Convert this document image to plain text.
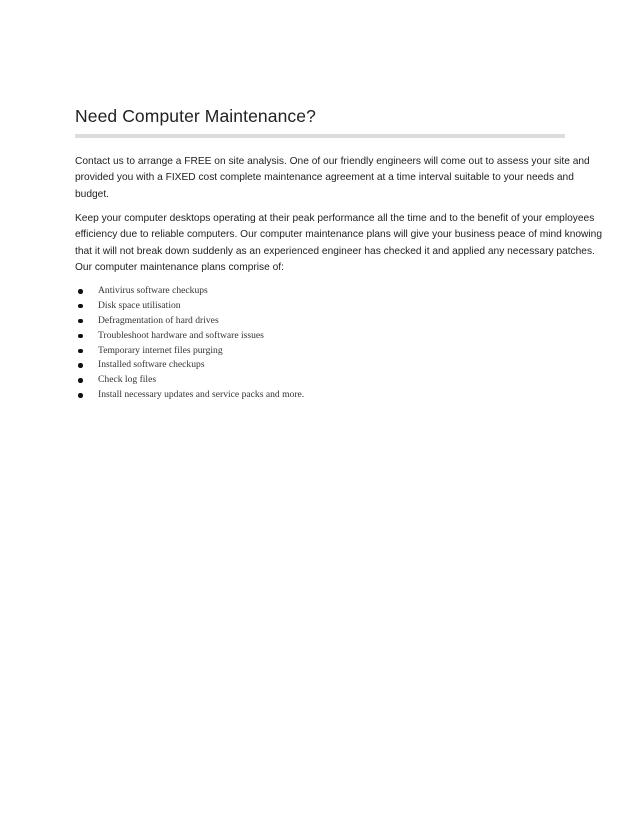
Need Computer Maintenance?

Contact us to arrange a FREE on site analysis. One of our friendly engineers will come out to assess your site and
provided you with a FIXED cost complete maintenance agreement at a time interval suitable to your needs and
budget.

Keep your computer desktops operating at their peak performance all the time and to the benefit of your employees
efficiency due to reliable computers. Our computer maintenance plans will give your business peace of mind knowing
that it will not break down suddenly as an experienced engineer has checked it and applied any necessary patches.
Our computer maintenance plans comprise of:

Antivirus software checkups
Disk space utilisation
Defragmentation of hard drives
Troubleshoot hardware and software issues
Temporary internet files purging
Installed software checkups
Check log files
Install necessary updates and service packs and more.
